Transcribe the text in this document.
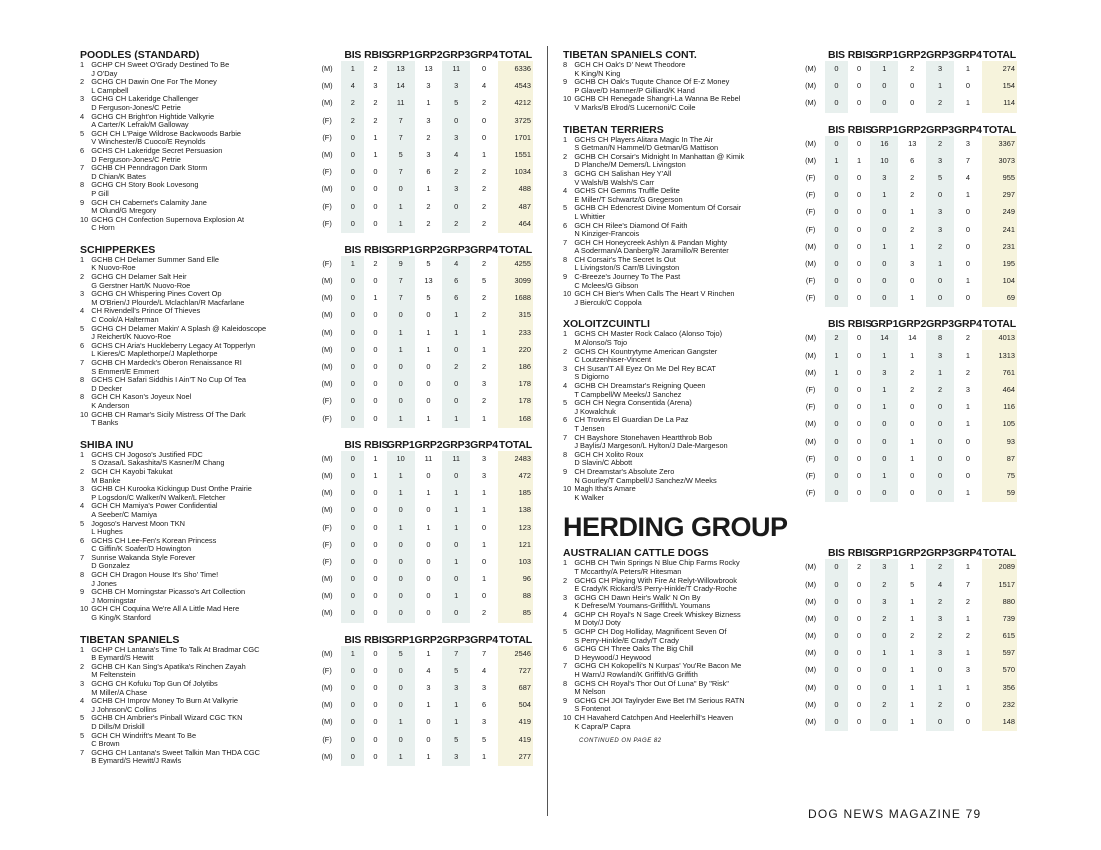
POODLES (STANDARD)			BIS	RBIS	GRP1	GRP2	GRP3	GRP4	TOTAL
1	GCHP CH Sweet O'Grady Destined To Be
J O'Day	(M)	1	2	13	13	11	0	6336
2	GCHG CH Dawin One For The Money
L Campbell	(M)	4	3	14	3	3	4	4543
3	GCHG CH Lakeridge Challenger
D Ferguson-Jones/C Petrie	(M)	2	2	11	1	5	2	4212
4	GCHG CH Bright'on Hightide Valkyrie
A Carter/K Lefrak/M Galloway	(F)	2	2	7	3	0	0	3725
5	GCH CH L'Paige Wildrose Backwoods Barbie
V Winchester/B Cuoco/E Reynolds	(F)	0	1	7	2	3	0	1701
6	GCHS CH Lakeridge Secret Persuasion
D Ferguson-Jones/C Petrie	(M)	0	1	5	3	4	1	1551
7	GCHB CH Penndragon Dark Storm
D Chian/K Bates	(F)	0	0	7	6	2	2	1034
8	GCHG CH Story Book Lovesong
P Gill	(M)	0	0	0	1	3	2	488
9	GCH CH Cabernet's Calamity Jane
M Olund/G Mregory	(F)	0	0	1	2	0	2	487
10	GCHG CH Confection Supernova Explosion At
C Horn	(F)	0	0	1	2	2	2	464
SCHIPPERKES			BIS	RBIS	GRP1	GRP2	GRP3	GRP4	TOTAL
1	GCHB CH Delamer Summer Sand Elle
K Nuovo-Roe	(F)	1	2	9	5	4	2	4255
2	GCHG CH Delamer Salt Heir
G Gerstner Hart/K Nuovo-Roe	(M)	0	0	7	13	6	5	3099
3	GCHG CH Whispering Pines Covert Op
M O'Brien/J Plourde/L Mclachlan/R Macfarlane	(M)	0	1	7	5	6	2	1688
4	CH Rivendell's Prince Of Thieves
C Cook/A Halterman	(M)	0	0	0	0	1	2	315
5	GCHG CH Delamer Makin' A Splash @ Kaleidoscope
J Reichert/K Nuovo-Roe	(M)	0	0	1	1	1	1	233
6	GCHS CH Aria's Huckleberry Legacy At Topperlyn
L Kieres/C Maplethorpe/J Maplethorpe	(M)	0	0	1	1	0	1	220
7	GCHB CH Mardeck's Oberon Renaissance RI
S Emmert/E Emmert	(M)	0	0	0	0	2	2	186
8	GCHS CH Safari Siddhis I Ain'T No Cup Of Tea
D Decker	(M)	0	0	0	0	0	3	178
8	GCH CH Kason's Joyeux Noel
K Anderson	(F)	0	0	0	0	0	2	178
10	GCHB CH Ramar's Sicily Mistress Of The Dark
T Banks	(F)	0	0	1	1	1	1	168
SHIBA INU			BIS	RBIS	GRP1	GRP2	GRP3	GRP4	TOTAL
1	GCHS CH Jogoso's Justified FDC
S Ozasa/L Sakashita/S Kasner/M Chang	(M)	0	1	10	11	11	3	2483
2	GCH CH Kayobi Takukat
M Banke	(M)	0	1	1	0	0	3	472
3	GCHB CH Kurooka Kickingup Dust Onthe Prairie
P Logsdon/C Walker/N Walker/L Fletcher	(M)	0	0	1	1	1	1	185
4	GCH CH Mamiya's Power Confidential
A Seeber/C Mamiya	(M)	0	0	0	0	1	1	138
5	Jogoso's Harvest Moon TKN
L Hughes	(F)	0	0	1	1	1	0	123
6	GCHS CH Lee-Fen's Korean Princess
C Giffin/K Soafer/D Howington	(F)	0	0	0	0	0	1	121
7	Sunrise Wakanda Style Forever
D Gonzalez	(F)	0	0	0	0	1	0	103
8	GCH CH Dragon House It's Sho' Time!
J Jones	(M)	0	0	0	0	0	1	96
9	GCHB CH Morningstar Picasso's Art Collection
J Morningstar	(M)	0	0	0	0	1	0	88
10	GCH CH Coquina We're All A Little Mad Here
G King/K Stanford	(M)	0	0	0	0	0	2	85
TIBETAN SPANIELS			BIS	RBIS	GRP1	GRP2	GRP3	GRP4	TOTAL
1	GCHP CH Lantana's Time To Talk At Bradmar CGC
B Eymard/S Hewitt	(M)	1	0	5	1	7	7	2546
2	GCHB CH Kan Sing's Apatika's Rinchen Zayah
M Feltenstein	(F)	0	0	0	4	5	4	727
3	GCHG CH Kofuku Top Gun Of Jolytibs
M Miller/A Chase	(M)	0	0	0	3	3	3	687
4	GCHB CH Improv Money To Burn At Valkyrie
J Johnson/C Collins	(M)	0	0	0	1	1	6	504
5	GCHB CH Ambrier's Pinball Wizard CGC TKN
D Dills/M Driskill	(M)	0	0	1	0	1	3	419
5	GCH CH Windrift's Meant To Be
C Brown	(F)	0	0	0	0	5	5	419
7	GCHG CH Lantana's Sweet Talkin Man THDA CGC
B Eymard/S Hewitt/J Rawls	(M)	0	0	1	1	3	1	277
TIBETAN SPANIELS CONT.			BIS	RBIS	GRP1	GRP2	GRP3	GRP4	TOTAL
8	GCH CH Oak's D' Newt Theodore
K King/N King	(M)	0	0	1	2	3	1	274
9	GCHB CH Oak's Tuqute Chance Of E-Z Money
P Glave/D Hamner/P Gilliard/K Hand	(M)	0	0	0	0	1	0	154
10	GCHB CH Renegade Shangri-La Wanna Be Rebel
V Marks/B Elrod/S Lucernoni/C Coile	(M)	0	0	0	0	2	1	114
TIBETAN TERRIERS			BIS	RBIS	GRP1	GRP2	GRP3	GRP4	TOTAL
1	GCHS CH Players Alitara Magic In The Air
S Getman/N Hammel/D Getman/G Mattison	(M)	0	0	16	13	2	3	3367
2	GCHB CH Corsair's Midnight In Manhattan @ Kimik
D Planche/M Demers/L Livingston	(M)	1	1	10	6	3	7	3073
3	GCHG CH Salishan Hey Y'All
V Walsh/B Walsh/S Carr	(F)	0	0	3	2	5	4	955
4	GCHS CH Gemms Truffle Delite
E Miller/T Schwartz/G Gregerson	(F)	0	0	1	2	0	1	297
5	GCHB CH Edencrest Divine Momentum Of Corsair
L Whittier	(F)	0	0	0	1	3	0	249
6	GCH CH Rilee's Diamond Of Faith
N Kinziger-Francois	(F)	0	0	0	2	3	0	241
7	GCH CH Honeycreek Ashlyn & Pandan Mighty
A Soderman/A Danberg/R Jaramillo/R Berenter	(M)	0	0	1	1	2	0	231
8	CH Corsair's The Secret Is Out
L Livingston/S Carr/B Livingston	(M)	0	0	0	3	1	0	195
9	C-Breeze's Journey To The Past
C Mclees/G Gibson	(F)	0	0	0	0	0	1	104
10	GCH CH Bier's When Calls The Heart V Rinchen
J Biercuk/C Coppola	(F)	0	0	0	1	0	0	69
XOLOITZCUINTLI			BIS	RBIS	GRP1	GRP2	GRP3	GRP4	TOTAL
1	GCHS CH Master Rock Calaco (Alonso Tojo)
M Alonso/S Tojo	(M)	2	0	14	14	8	2	4013
2	GCHS CH Kountrytyme American Gangster
C Loutzenhiser-Vincent	(M)	1	0	1	1	3	1	1313
3	CH Susan'T All Eyez On Me Del Rey BCAT
S Digiorno	(M)	1	0	3	2	1	2	761
4	GCHB CH Dreamstar's Reigning Queen
T Campbell/W Meeks/J Sanchez	(F)	0	0	1	2	2	3	464
5	GCH CH Negra Consentida (Arena)
J Kowalchuk	(F)	0	0	1	0	0	1	116
6	CH Trovins El Guardian De La Paz
T Jensen	(M)	0	0	0	0	0	1	105
7	CH Bayshore Stonehaven Heartthrob Bob
J Baylis/J Margeson/L Hylton/J Dale-Margeson	(M)	0	0	0	1	0	0	93
8	GCH CH Xolito Roux
D Slavin/C Abbott	(F)	0	0	0	1	0	0	87
9	CH Dreamstar's Absolute Zero
N Gourley/T Campbell/J Sanchez/W Meeks	(F)	0	0	1	0	0	0	75
10	Magh Itha's Amare
K Walker	(F)	0	0	0	0	0	1	59
HERDING GROUP
AUSTRALIAN CATTLE DOGS			BIS	RBIS	GRP1	GRP2	GRP3	GRP4	TOTAL
1	GCHB CH Twin Springs N Blue Chip Farms Rocky
T Mccarthy/A Peters/R Hitesman	(M)	0	2	3	1	2	1	2089
2	GCHG CH Playing With Fire At Relyt-Willowbrook
E Crady/K Rickard/S Perry-Hinkle/T Crady-Roche	(M)	0	0	2	5	4	7	1517
3	GCHG CH Dawn Heir's Walk' N On By
K Defrese/M Youmans-Griffith/L Youmans	(M)	0	0	3	1	2	2	880
4	GCHP CH Royal's N Sage Creek Whiskey Bizness
M Doty/J Doty	(M)	0	0	2	1	3	1	739
5	GCHP CH Dog Holliday, Magnificent Seven Of
S Perry-Hinkle/E Crady/T Crady	(M)	0	0	0	2	2	2	615
6	GCHG CH Three Oaks The Big Chill
D Heywood/J Heywood	(M)	0	0	1	1	3	1	597
7	GCHG CH Kokopelli's N Kurpas' You'Re Bacon Me
H Warn/J Rowland/K Griffith/G Griffith	(M)	0	0	0	1	0	3	570
8	GCHS CH Royal's Thor Out Of Luna" By "Risk"
M Nelson	(M)	0	0	0	1	1	1	356
9	GCHG CH JOI Taylryder Ewe Bet I'M Serious RATN
S Fontenot	(M)	0	0	2	1	2	0	232
10	CH Havaherd Catchpen And Heelerhill's Heaven
K Capra/P Capra	(M)	0	0	0	1	0	0	148
CONTINUED ON PAGE 82
DOG NEWS MAGAZINE 79
